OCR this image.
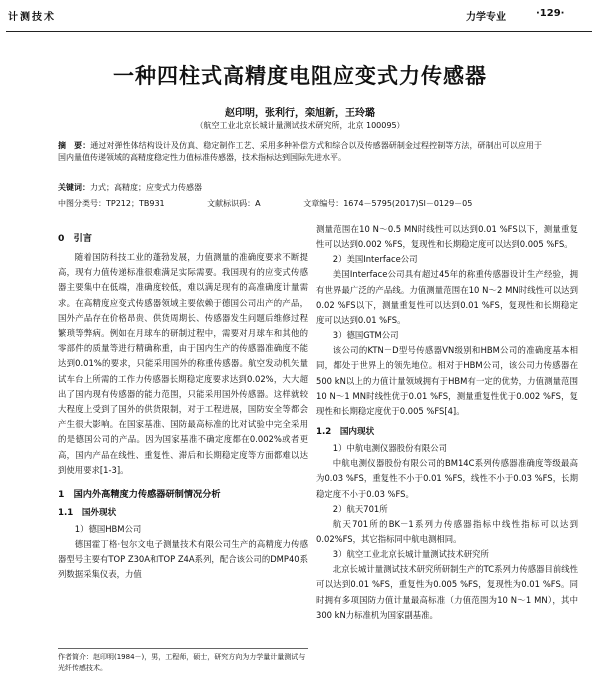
计测技术	力学专业	·129·
一种四柱式高精度电阻应变式力传感器
赵印明，张利行，栾旭新，王玲璐
（航空工业北京长城计量测试技术研究所，北京 100095）
摘　要：通过对弹性体结构设计及仿真、稳定制作工艺、采用多种补偿方式和综合以及传感器研制金过程控制等方法，研制出可以应用于国内量值传递领域的高精度稳定性力值标准传感器，技术指标达到国际先进水平。
关键词：力式；高精度；应变式力传感器
中图分类号：TP212；TB931	文献标识码：A	文章编号：1674－5795(2017)Sl－0129－05
0　引言

随着国防科技工业的蓬勃发展，力值测量的准确度要求不断提高，现有力值传递标准很难满足实际需要。我国现有的应变式传感器主要集中在低端，准确度较低，难以满足现有的高准确度计量需求。在高精度应变式传感器领域主要依赖于德国公司出产的产品，国外产品存在价格昂贵、供货周期长、传感器发生问题后维修过程繁琐等弊病。例如在月球车的研制过程中，需要对月球车和其他的零部件的质量等进行精确称重，由于国内生产的传感器准确度不能达到0.01%的要求，只能采用国外的称重传感器。航空发动机矢量试车台上所需的工作力传感器长期稳定度要求达到0.02%，大大超出了国内现有传感器的能力范围，只能采用国外传感器。这样就较大程度上受到了国外的供货限制，对于工程进展，国防安全等都会产生很大影响。在国家基准、国防最高标准的比对试验中完全采用的是德国公司的产品。因为国家基准不确定度都在0.002%或者更高，国内产品在线性、重复性、滞后和长期稳定度等方面都难以达到使用要求[1-3]。

1　国内外高精度力传感器研制情况分析
1.1　国外现状

1）德国HBM公司

德国霍丁格·包尔文电子测量技术有限公司生产的高精度力传感器型号主要有TOP Z30A和TOP Z4A系列，配合该公司的DMP40系列数据采集仪表，力值

测量范围在10 N～0.5 MN时线性可以达到0.01 %FS以下，测量重复性可以达到0.002 %FS，复现性和长期稳定度可以达到0.005 %FS。

2）美国Interface公司

美国Interface公司具有超过45年的称重传感器设计生产经验，拥有世界最广泛的产品线。力值测量范围在10 N～2 MN时线性可以达到0.02 %FS以下，测量重复性可以达到0.01 %FS，复现性和长期稳定度可以达到0.01 %FS。

3）德国GTM公司

该公司的KTN－D型号传感器VN级别和HBM公司的准确度基本相同，都处于世界上的领先地位。相对于HBM公司，该公司力传感器在500 kN以上的力值计量领域拥有于HBM有一定的优势，力值测量范围10 N～1 MN时线性优于0.01 %FS，测量重复性优于0.002 %FS，复现性和长期稳定度优于0.005 %FS[4]。

1.2　国内现状

1）中航电测仪器股份有限公司

中航电测仪器股份有限公司的BM14C系列传感器准确度等级最高为0.03 %FS，重复性不小于0.01 %FS，线性不小于0.03 %FS，长期稳定度不小于0.03 %FS。

2）航天701所

航天701所的BK－1系列力传感器指标中线性指标可以达到0.02%FS，其它指标同中航电测相同。

3）航空工业北京长城计量测试技术研究所

北京长城计量测试技术研究所研制生产的TC系列力传感器目前线性可以达到0.01 %FS，重复性为0.005 %FS，复现性为0.01 %FS。同时拥有多项国防力值计量最高标准（力值范围为10 N～1 MN），其中300 kN力标准机为国家副基准。

作者简介：赵印明(1984－)，男，工程师，硕士，研究方向为力学量计量测试与光纤传感技术。
